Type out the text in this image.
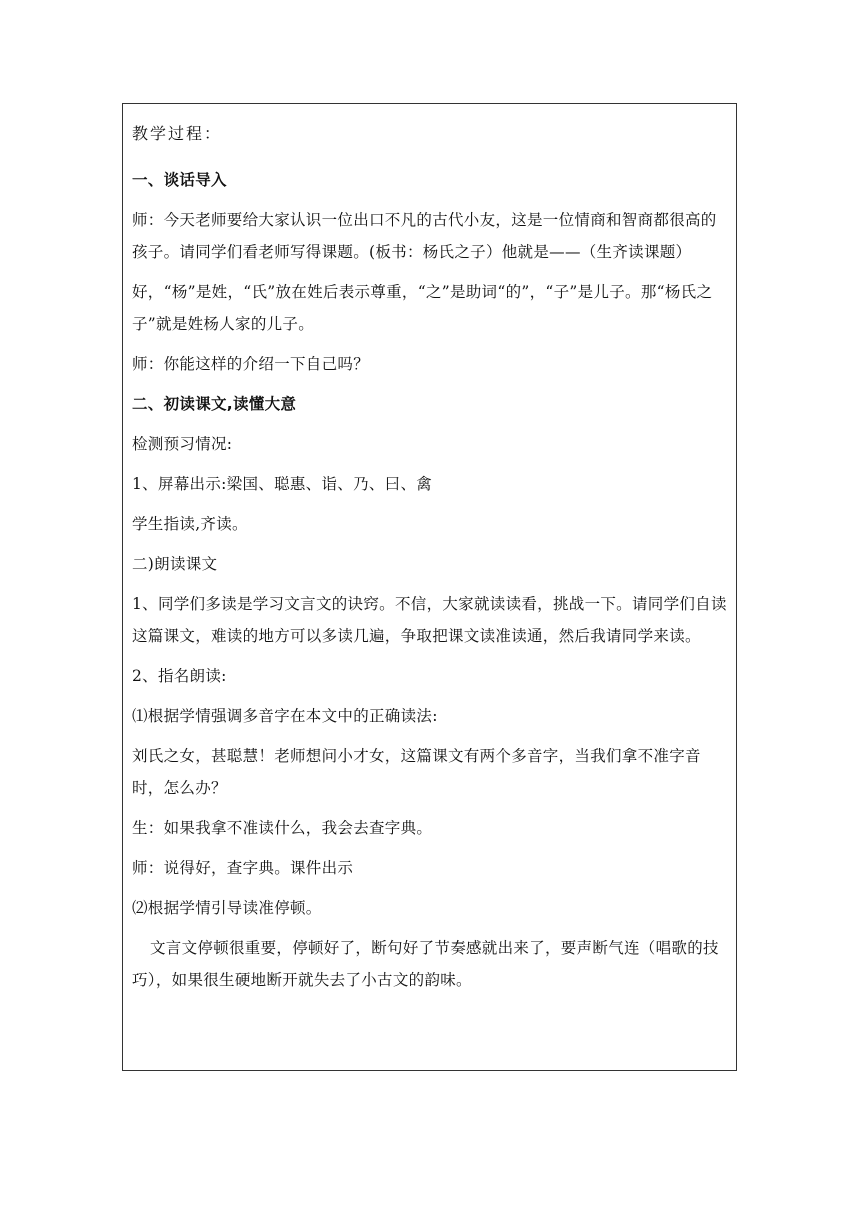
教学过程：

一、谈话导入

师：今天老师要给大家认识一位出口不凡的古代小友，这是一位情商和智商都很高的孩子。请同学们看老师写得课题。(板书：杨氏之子）他就是——（生齐读课题）

好，“杨”是姓，“氏”放在姓后表示尊重，“之”是助词“的”，“子”是儿子。那“杨氏之子”就是姓杨人家的儿子。

师：你能这样的介绍一下自己吗？

二、初读课文,读懂大意

检测预习情况:

1、屏幕出示:梁国、聪惠、诣、乃、曰、禽

学生指读,齐读。

二)朗读课文

1、同学们多读是学习文言文的诀窍。不信，大家就读读看，挑战一下。请同学们自读这篇课文，难读的地方可以多读几遍，争取把课文读准读通，然后我请同学来读。

2、指名朗读:

⑴根据学情强调多音字在本文中的正确读法:

刘氏之女，甚聪慧！老师想问小才女，这篇课文有两个多音字，当我们拿不准字音时，怎么办？

生：如果我拿不准读什么，我会去查字典。

师：说得好，查字典。课件出示

⑵根据学情引导读准停顿。

文言文停顿很重要，停顿好了，断句好了节奏感就出来了，要声断气连（唱歌的技巧），如果很生硬地断开就失去了小古文的韵味。
